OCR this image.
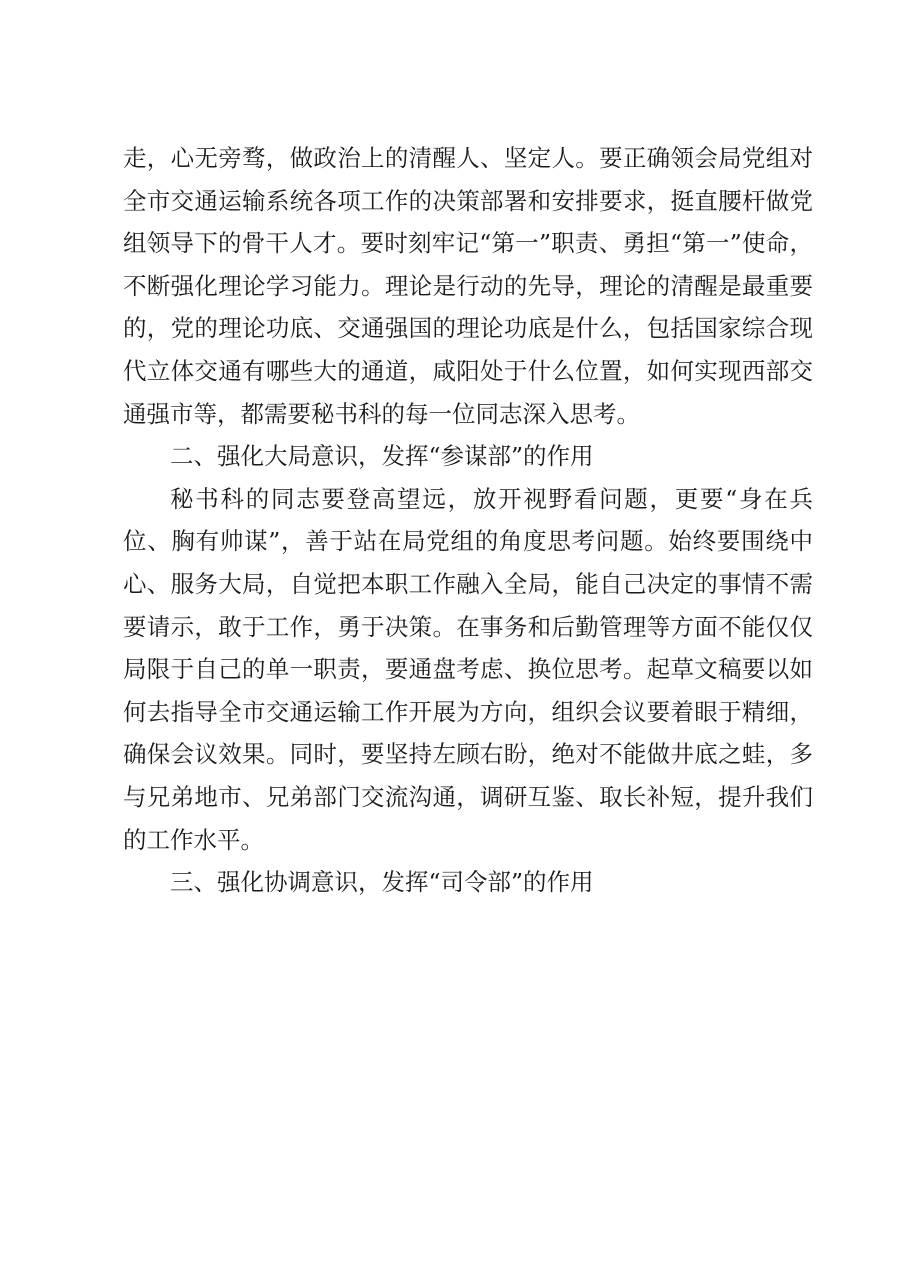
走，心无旁骛，做政治上的清醒人、坚定人。要正确领会局党组对全市交通运输系统各项工作的决策部署和安排要求，挺直腰杆做党组领导下的骨干人才。要时刻牢记“第一”职责、勇担“第一”使命，不断强化理论学习能力。理论是行动的先导，理论的清醒是最重要的，党的理论功底、交通强国的理论功底是什么，包括国家综合现代立体交通有哪些大的通道，咸阳处于什么位置，如何实现西部交通强市等，都需要秘书科的每一位同志深入思考。

二、强化大局意识，发挥“参谋部”的作用

秘书科的同志要登高望远，放开视野看问题，更要“身在兵位、胸有帅谋”，善于站在局党组的角度思考问题。始终要围绕中心、服务大局，自觉把本职工作融入全局，能自己决定的事情不需要请示，敢于工作，勇于决策。在事务和后勤管理等方面不能仅仅局限于自己的单一职责，要通盘考虑、换位思考。起草文稿要以如何去指导全市交通运输工作开展为方向，组织会议要着眼于精细，确保会议效果。同时，要坚持左顾右盼，绝对不能做井底之蛙，多与兄弟地市、兄弟部门交流沟通，调研互鉴、取长补短，提升我们的工作水平。

三、强化协调意识，发挥“司令部”的作用
